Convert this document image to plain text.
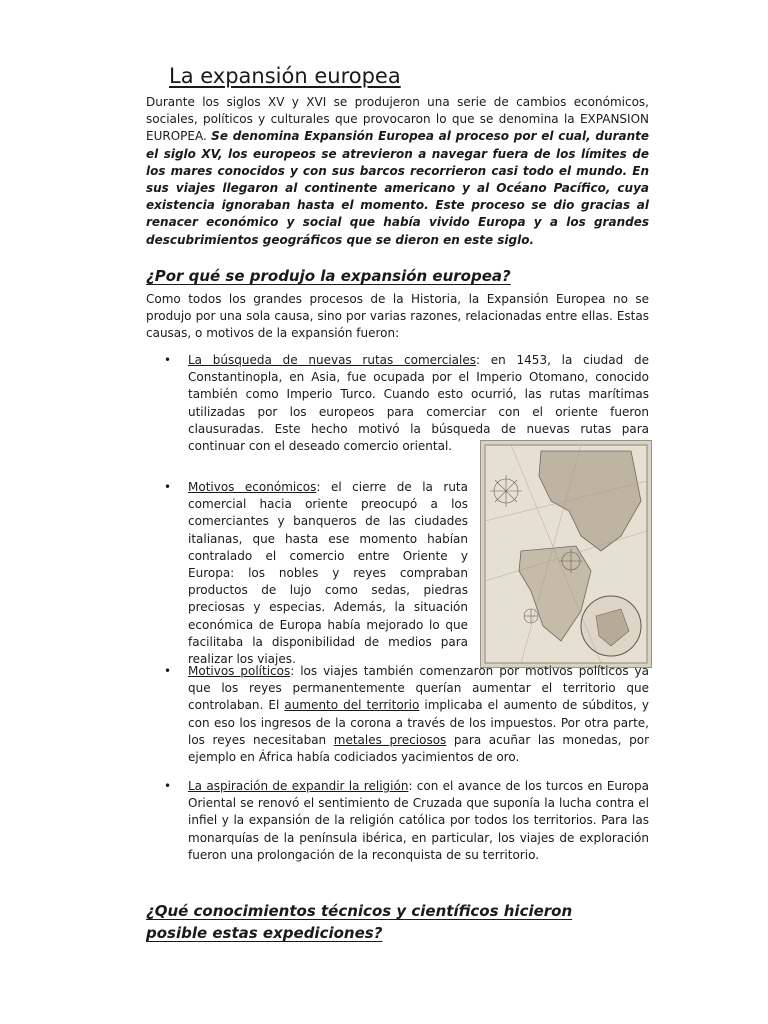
La expansión europea

Durante los siglos XV y XVI se produjeron una serie de cambios económicos, sociales, políticos y culturales que provocaron lo que se denomina la EXPANSION EUROPEA. Se denomina Expansión Europea al proceso por el cual, durante el siglo XV, los europeos se atrevieron a navegar fuera de los límites de los mares conocidos y con sus barcos recorrieron casi todo el mundo. En sus viajes llegaron al continente americano y al Océano Pacífico, cuya existencia ignoraban hasta el momento. Este proceso se dio gracias al renacer económico y social que había vivido Europa y a los grandes descubrimientos geográficos que se dieron en este siglo.

¿Por qué se produjo la expansión europea?

Como todos los grandes procesos de la Historia, la Expansión Europea no se produjo por una sola causa, sino por varias razones, relacionadas entre ellas. Estas causas, o motivos de la expansión fueron:

• La búsqueda de nuevas rutas comerciales: en 1453, la ciudad de Constantinopla, en Asia, fue ocupada por el Imperio Otomano, conocido también como Imperio Turco. Cuando esto ocurrió, las rutas marítimas utilizadas por los europeos para comerciar con el oriente fueron clausuradas. Este hecho motivó la búsqueda de nuevas rutas para continuar con el deseado comercio oriental.

• Motivos económicos: el cierre de la ruta comercial hacia oriente preocupó a los comerciantes y banqueros de las ciudades italianas, que hasta ese momento habían contralado el comercio entre Oriente y Europa: los nobles y reyes compraban productos de lujo como sedas, piedras preciosas y especias. Además, la situación económica de Europa había mejorado lo que facilitaba la disponibilidad de medios para realizar los viajes.

• Motivos políticos: los viajes también comenzaron por motivos políticos ya que los reyes permanentemente querían aumentar el territorio que controlaban. El aumento del territorio implicaba el aumento de súbditos, y con eso los ingresos de la corona a través de los impuestos. Por otra parte, los reyes necesitaban metales preciosos para acuñar las monedas, por ejemplo en África había codiciados yacimientos de oro.

• La aspiración de expandir la religión: con el avance de los turcos en Europa Oriental se renovó el sentimiento de Cruzada que suponía la lucha contra el infiel y la expansión de la religión católica por todos los territorios. Para las monarquías de la península ibérica, en particular, los viajes de exploración fueron una prolongación de la reconquista de su territorio.

¿Qué conocimientos técnicos y científicos hicieron posible estas expediciones?
